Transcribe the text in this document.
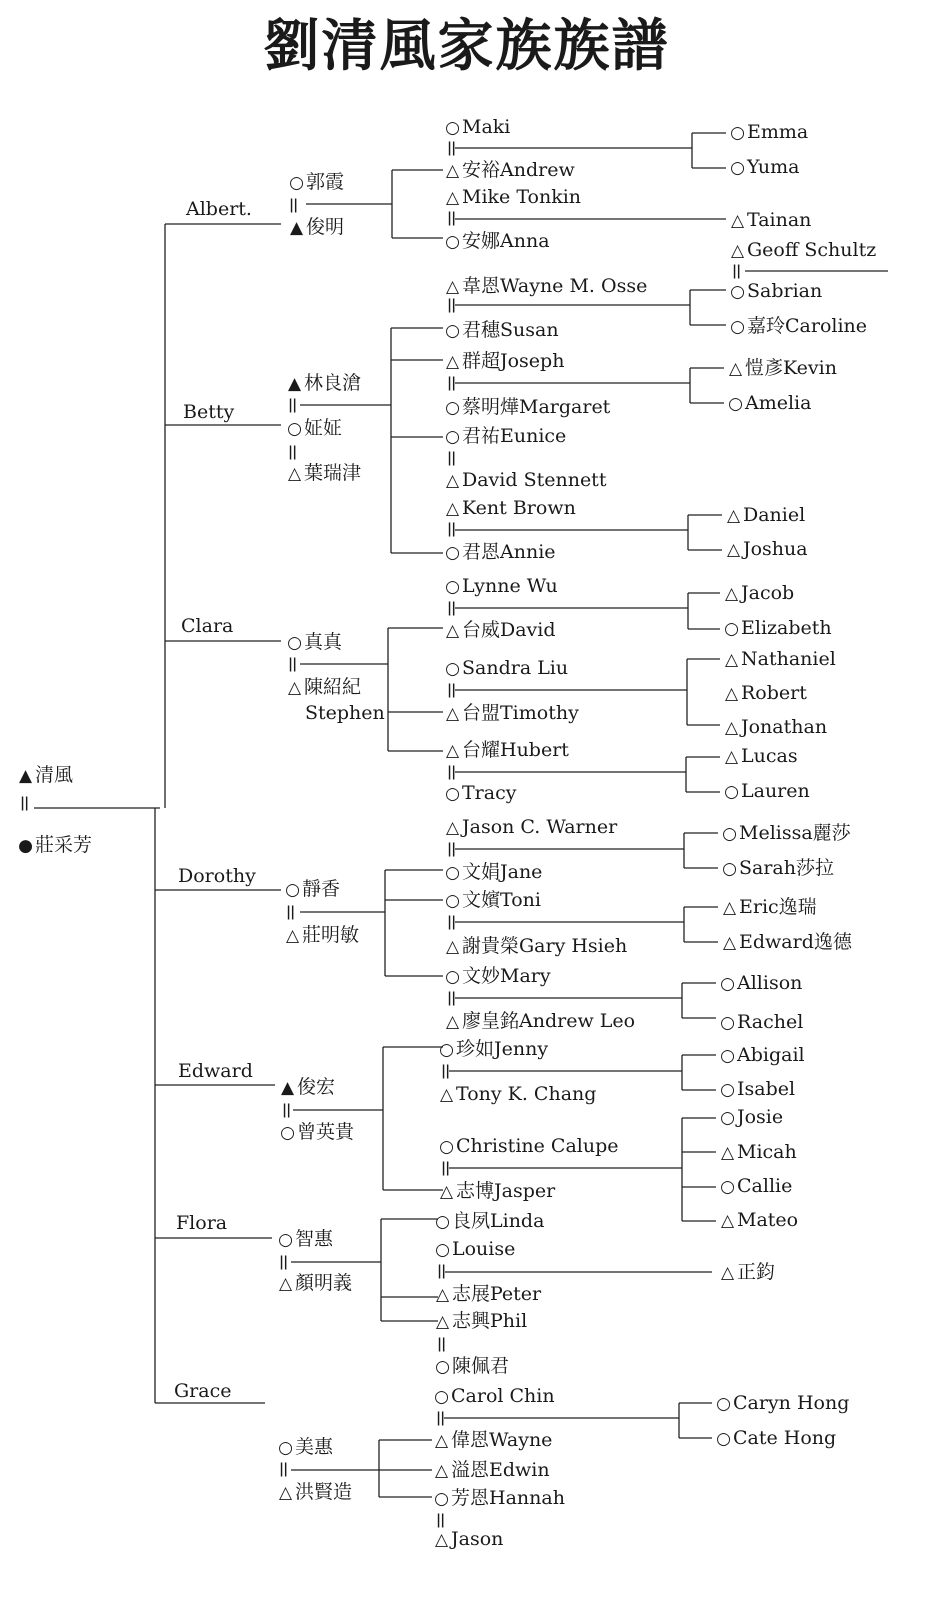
劉清風家族族譜
▲ 清風
||
● 莊采芳
Albert.
○ 郭霞
||
▲ 俊明
○ Maki
||
△ 安裕Andrew
○ Emma
○ Yuma
△ Mike Tonkin
||
○ 安娜Anna
△ Tainan
Betty
▲ 林良滄
||
○ 姃姃
||
△ 葉瑞津
△ 韋恩Wayne M. Osse
||
○ 君穗Susan
△ Geoff Schultz
||
○ Sabrian
○ 嘉玲Caroline
△ 群超Joseph
||
○ 蔡明燁Margaret
△ 愷彥Kevin
○ Amelia
○ 君祐Eunice
||
△ David Stennett
△ Kent Brown
||
○ 君恩Annie
△ Daniel
△ Joshua
Clara
○ 真真
||
△ 陳紹紀
Stephen
○ Lynne Wu
||
△ 台威David
△ Jacob
○ Elizabeth
○ Sandra Liu
||
△ 台盟Timothy
△ Nathaniel
△ Robert
△ Jonathan
△ 台耀Hubert
||
○ Tracy
△ Lucas
○ Lauren
Dorothy
○ 靜香
||
△ 莊明敏
△ Jason C. Warner
||
○ 文娟Jane
○ Melissa麗莎
○ Sarah莎拉
○ 文嬪Toni
||
△ 謝貴榮Gary Hsieh
△ Eric逸瑞
△ Edward逸德
○ 文妙Mary
||
△ 廖皇銘Andrew Leo
○ Allison
○ Rachel
Edward
▲ 俊宏
||
○ 曾英貴
○ 珍如Jenny
||
△ Tony K. Chang
○ Abigail
○ Isabel
○ Christine Calupe
||
△ 志博Jasper
○ Josie
△ Micah
○ Callie
△ Mateo
Flora
○ 智惠
||
△ 顏明義
○ 良夙Linda
○ Louise
||
△ 志展Peter
△ 正鈞
△ 志興Phil
||
○ 陳佩君
Grace
○ 美惠
||
△ 洪賢造
○ Carol Chin
||
△ 偉恩Wayne
○ Caryn Hong
○ Cate Hong
△ 溢恩Edwin
○ 芳恩Hannah
||
△ Jason
